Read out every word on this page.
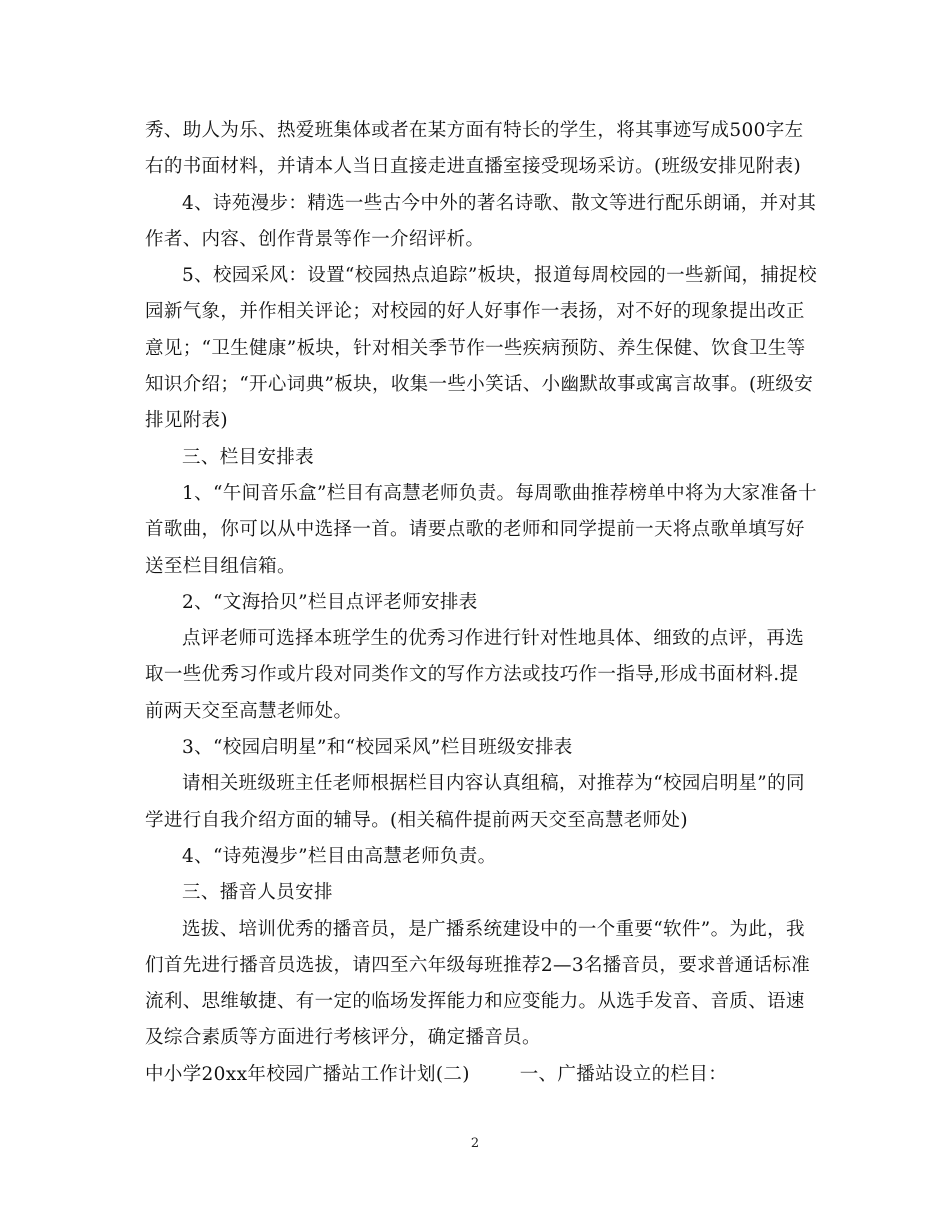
秀、助人为乐、热爱班集体或者在某方面有特长的学生，将其事迹写成500字左
右的书面材料，并请本人当日直接走进直播室接受现场采访。(班级安排见附表)
4、诗苑漫步：精选一些古今中外的著名诗歌、散文等进行配乐朗诵，并对其
作者、内容、创作背景等作一介绍评析。
5、校园采风：设置“校园热点追踪”板块，报道每周校园的一些新闻，捕捉校
园新气象，并作相关评论；对校园的好人好事作一表扬，对不好的现象提出改正
意见；“卫生健康”板块，针对相关季节作一些疾病预防、养生保健、饮食卫生等
知识介绍；“开心词典”板块，收集一些小笑话、小幽默故事或寓言故事。(班级安
排见附表)
三、栏目安排表
1、“午间音乐盒”栏目有高慧老师负责。每周歌曲推荐榜单中将为大家准备十
首歌曲，你可以从中选择一首。请要点歌的老师和同学提前一天将点歌单填写好
送至栏目组信箱。
2、“文海拾贝”栏目点评老师安排表
点评老师可选择本班学生的优秀习作进行针对性地具体、细致的点评，再选
取一些优秀习作或片段对同类作文的写作方法或技巧作一指导,形成书面材料.提
前两天交至高慧老师处。
3、“校园启明星”和“校园采风”栏目班级安排表
请相关班级班主任老师根据栏目内容认真组稿，对推荐为“校园启明星”的同
学进行自我介绍方面的辅导。(相关稿件提前两天交至高慧老师处)
4、“诗苑漫步”栏目由高慧老师负责。
三、播音人员安排
选拔、培训优秀的播音员，是广播系统建设中的一个重要“软件”。为此，我
们首先进行播音员选拔，请四至六年级每班推荐2—3名播音员，要求普通话标准
流利、思维敏捷、有一定的临场发挥能力和应变能力。从选手发音、音质、语速
及综合素质等方面进行考核评分，确定播音员。
中小学20xx年校园广播站工作计划(二)        一、广播站设立的栏目：
2
